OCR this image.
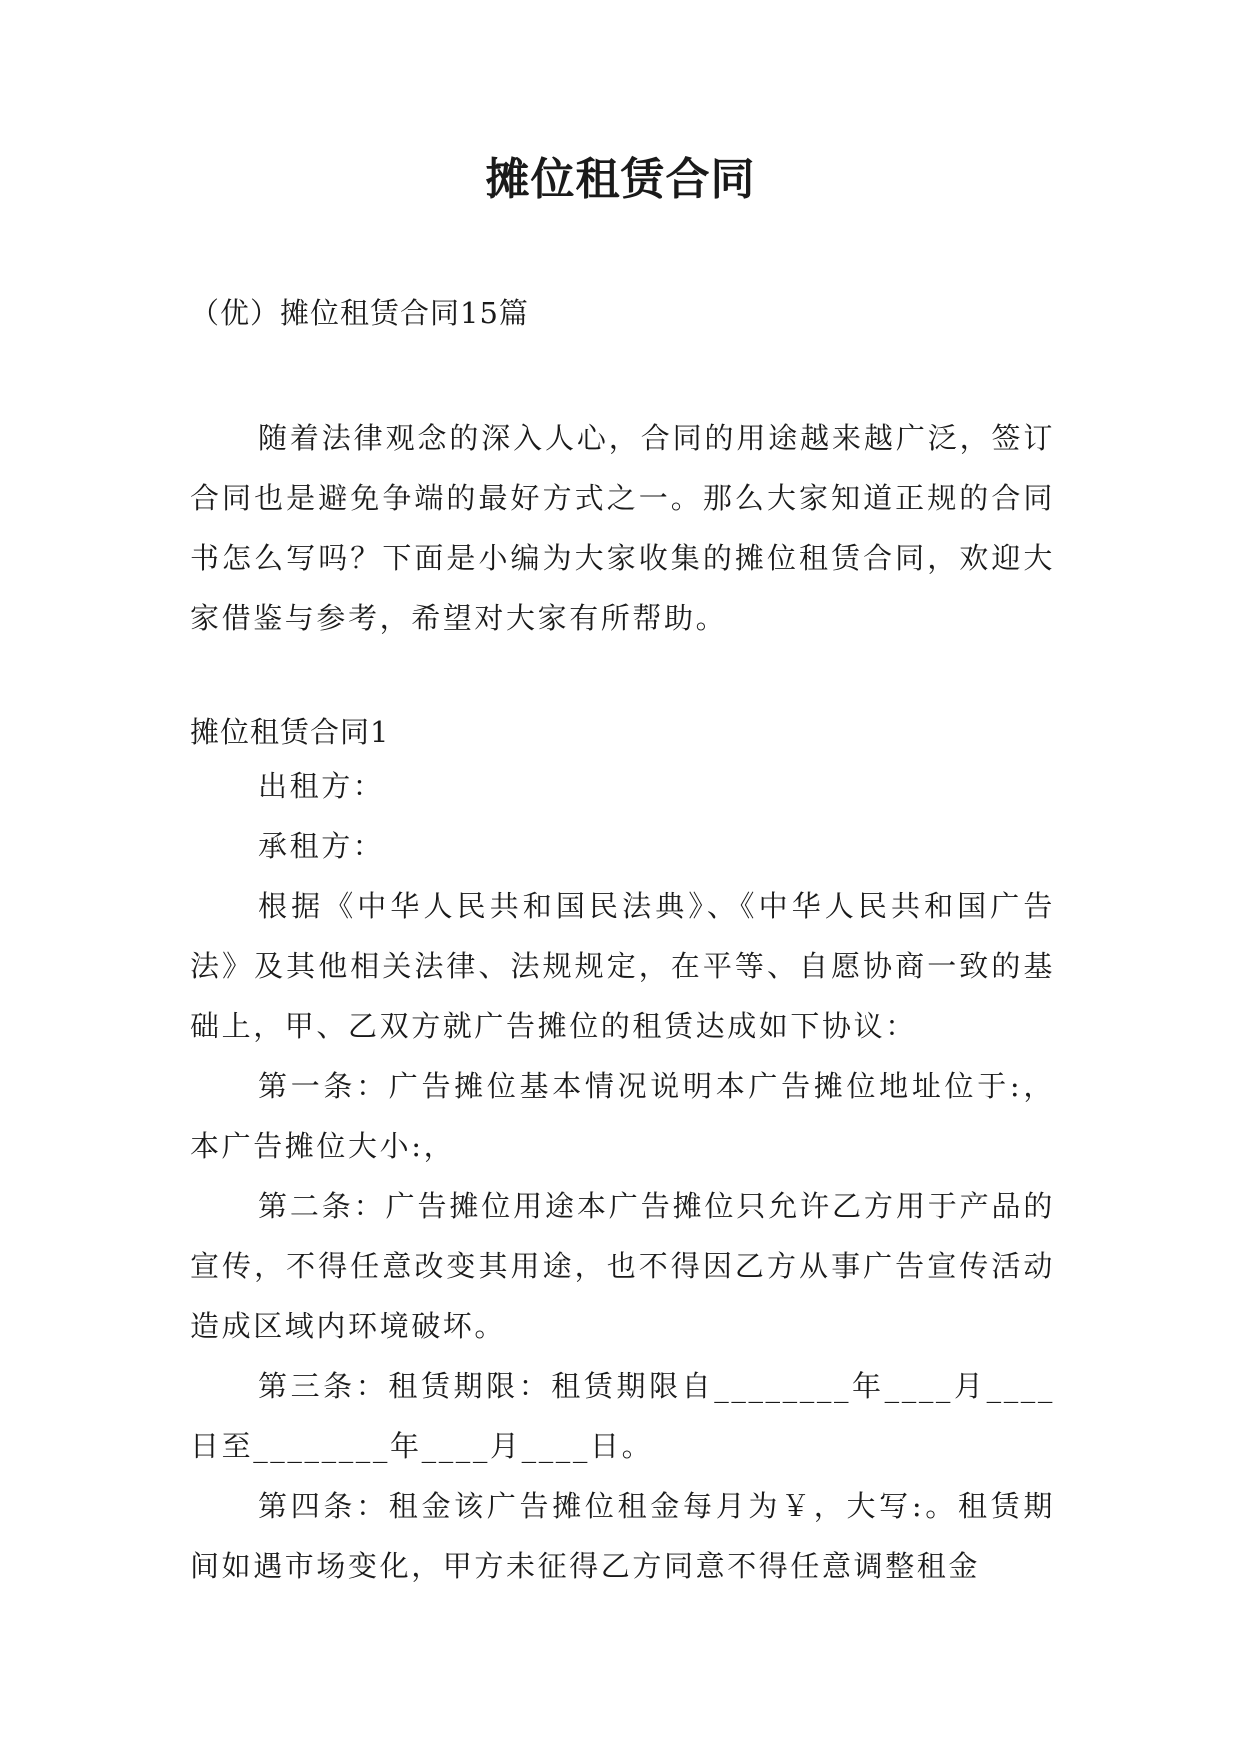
摊位租赁合同

（优）摊位租赁合同15篇

随着法律观念的深入人心，合同的用途越来越广泛，签订合同也是避免争端的最好方式之一。那么大家知道正规的合同书怎么写吗？下面是小编为大家收集的摊位租赁合同，欢迎大家借鉴与参考，希望对大家有所帮助。

摊位租赁合同1

出租方：

承租方：

根据《中华人民共和国民法典》、《中华人民共和国广告法》及其他相关法律、法规规定，在平等、自愿协商一致的基础上，甲、乙双方就广告摊位的租赁达成如下协议：

第一条：广告摊位基本情况说明本广告摊位地址位于:，本广告摊位大小:，

第二条：广告摊位用途本广告摊位只允许乙方用于产品的宣传，不得任意改变其用途，也不得因乙方从事广告宣传活动造成区域内环境破坏。

第三条：租赁期限：租赁期限自________年____月____日至________年____月____日。

第四条：租金该广告摊位租金每月为￥，大写:。租赁期间如遇市场变化，甲方未征得乙方同意不得任意调整租金
